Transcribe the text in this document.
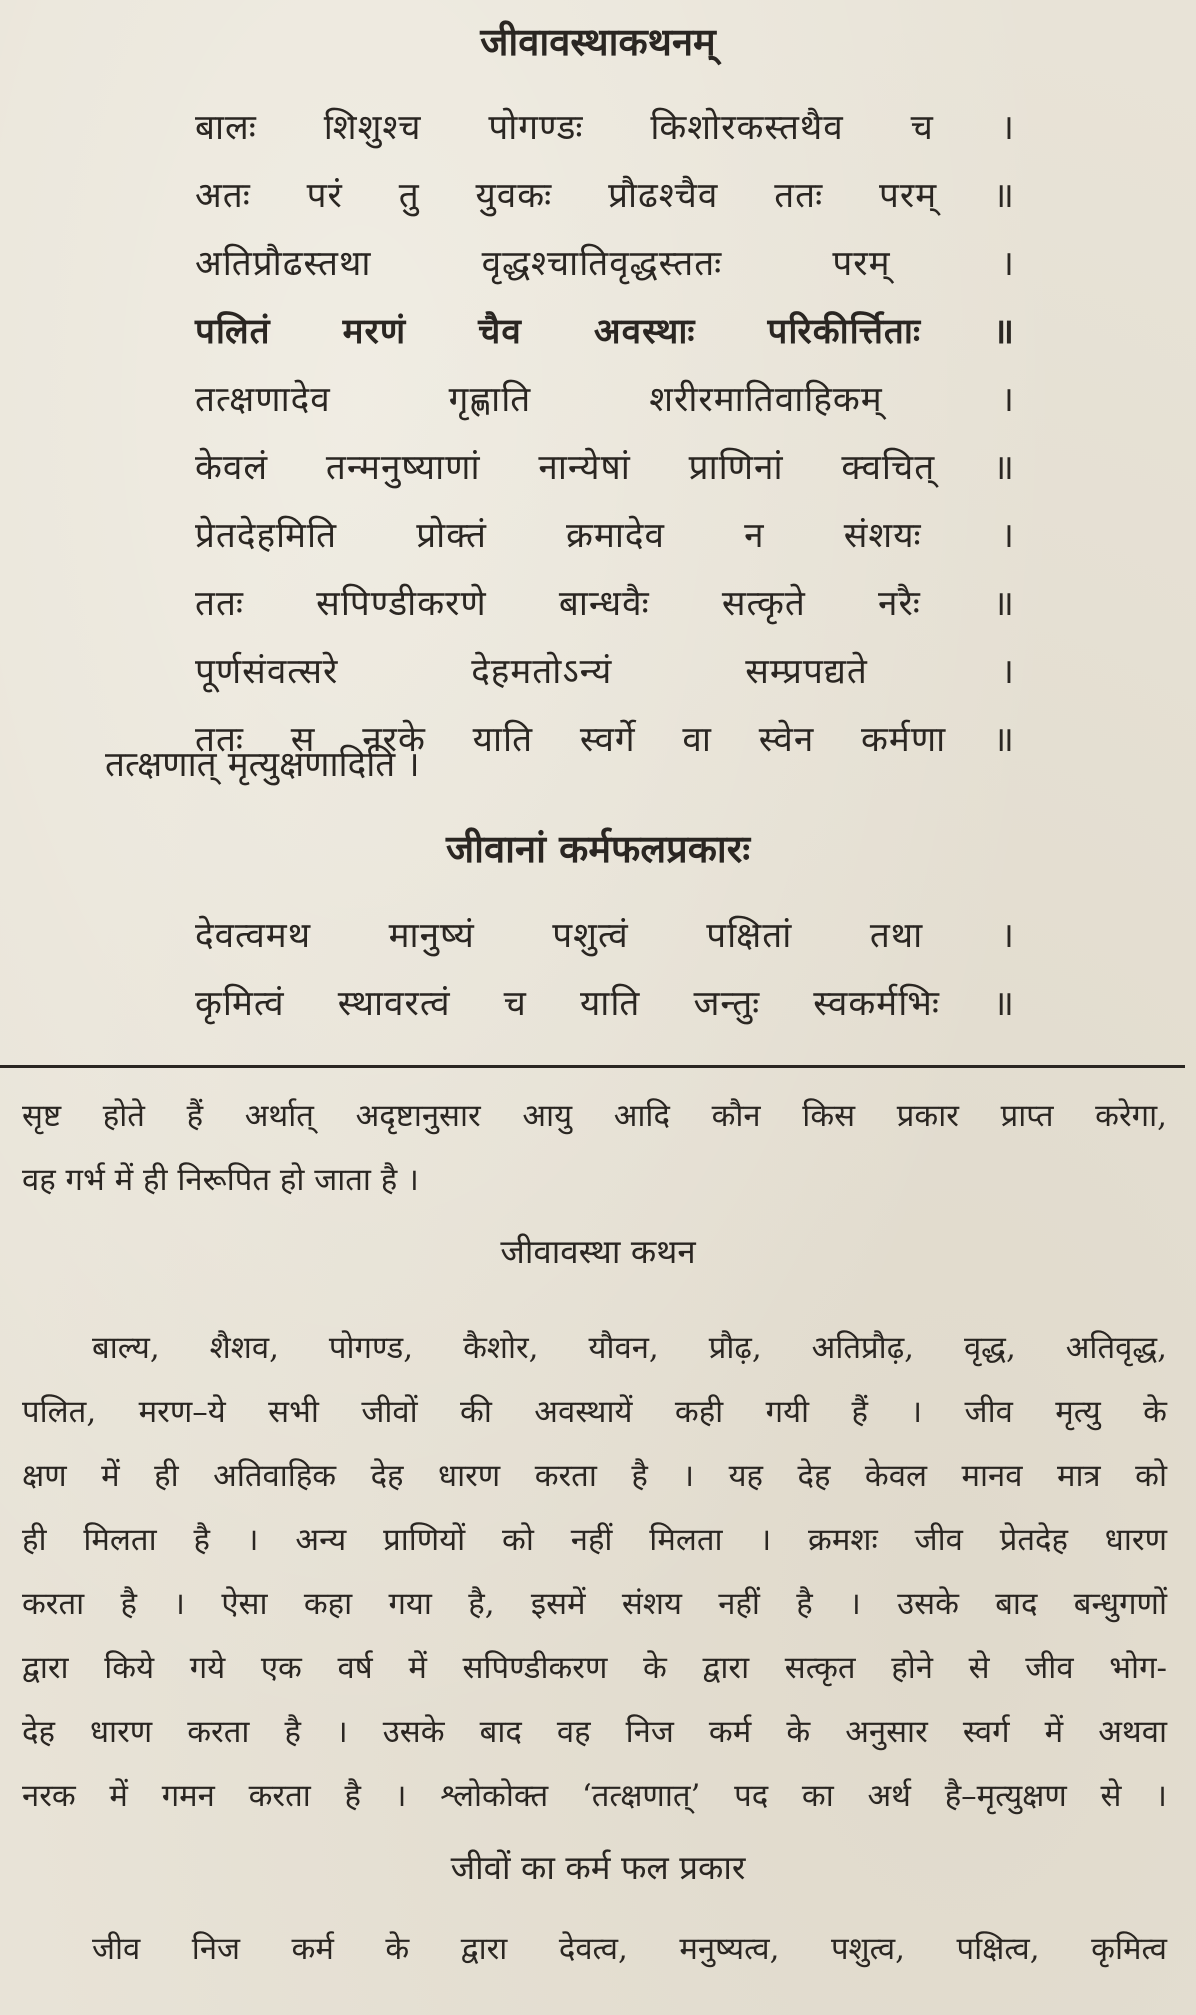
जीवावस्थाकथनम्
बालः शिशुश्च पोगण्डः किशोरकस्तथैव च ।
अतः परं तु युवकः प्रौढश्चैव ततः परम् ॥
अतिप्रौढस्तथा वृद्धश्चातिवृद्धस्ततः परम् ।
पलितं मरणं चैव अवस्थाः परिकीर्त्तिताः ॥
तत्क्षणादेव गृह्णाति शरीरमातिवाहिकम् ।
केवलं तन्मनुष्याणां नान्येषां प्राणिनां क्वचित् ॥
प्रेतदेहमिति प्रोक्तं क्रमादेव न संशयः ।
ततः सपिण्डीकरणे बान्धवैः सत्कृते नरैः ॥
पूर्णसंवत्सरे देहमतोऽन्यं सम्प्रपद्यते ।
ततः स नरके याति स्वर्गे वा स्वेन कर्मणा ॥
तत्क्षणात् मृत्युक्षणादिति ।
जीवानां कर्मफलप्रकारः
देवत्वमथ मानुष्यं पशुत्वं पक्षितां तथा ।
कृमित्वं स्थावरत्वं च याति जन्तुः स्वकर्मभिः ॥
सृष्ट होते हैं अर्थात् अदृष्टानुसार आयु आदि कौन किस प्रकार प्राप्त करेगा,
वह गर्भ में ही निरूपित हो जाता है ।
जीवावस्था कथन
बाल्य, शैशव, पोगण्ड, कैशोर, यौवन, प्रौढ़, अतिप्रौढ़, वृद्ध, अतिवृद्ध,
पलित, मरण–ये सभी जीवों की अवस्थायें कही गयी हैं । जीव मृत्यु के
क्षण में ही अतिवाहिक देह धारण करता है । यह देह केवल मानव मात्र को
ही मिलता है । अन्य प्राणियों को नहीं मिलता । क्रमशः जीव प्रेतदेह धारण
करता है । ऐसा कहा गया है, इसमें संशय नहीं है । उसके बाद बन्धुगणों
द्वारा किये गये एक वर्ष में सपिण्डीकरण के द्वारा सत्कृत होने से जीव भोग-
देह धारण करता है । उसके बाद वह निज कर्म के अनुसार स्वर्ग में अथवा
नरक में गमन करता है । श्लोकोक्त ‘तत्क्षणात्’ पद का अर्थ है–मृत्युक्षण से ।
जीवों का कर्म फल प्रकार
जीव निज कर्म के द्वारा देवत्व, मनुष्यत्व, पशुत्व, पक्षित्व, कृमित्व
